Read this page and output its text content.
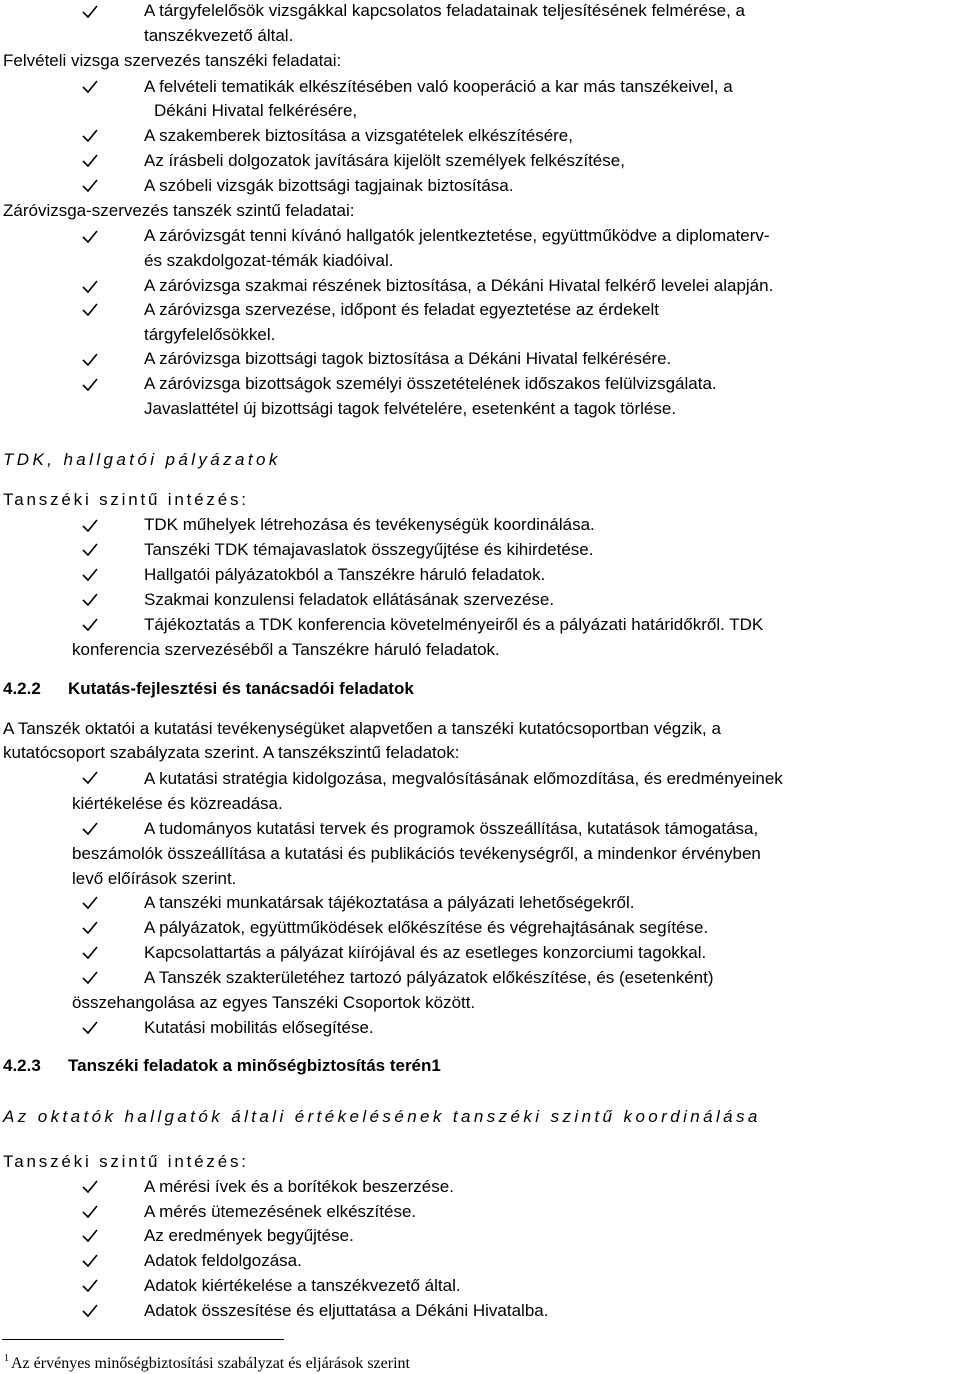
A tárgyfelelősök vizsgákkal kapcsolatos feladatainak teljesítésének felmérése, a
tanszékvezető által.
Felvételi vizsga szervezés tanszéki feladatai:
A felvételi tematikák elkészítésében való kooperáció a kar más tanszékeivel, a
Dékáni Hivatal felkérésére,
A szakemberek biztosítása a vizsgatételek elkészítésére,
Az írásbeli dolgozatok javítására kijelölt személyek felkészítése,
A szóbeli vizsgák bizottsági tagjainak biztosítása.
Záróvizsga-szervezés tanszék szintű feladatai:
A záróvizsgát tenni kívánó hallgatók jelentkeztetése, együttműködve a diplomaterv-
és szakdolgozat-témák kiadóival.
A záróvizsga szakmai részének biztosítása, a Dékáni Hivatal felkérő levelei alapján.
A záróvizsga szervezése, időpont és feladat egyeztetése az érdekelt
tárgyfelelősökkel.
A záróvizsga bizottsági tagok biztosítása a Dékáni Hivatal felkérésére.
A záróvizsga bizottságok személyi összetételének időszakos felülvizsgálata.
Javaslattétel új bizottsági tagok felvételére, esetenként a tagok törlése.
TDK, hallgatói pályázatok
Tanszéki szintű intézés:
TDK műhelyek létrehozása és tevékenységük koordinálása.
Tanszéki TDK témajavaslatok összegyűjtése és kihirdetése.
Hallgatói pályázatokból a Tanszékre háruló feladatok.
Szakmai konzulensi feladatok ellátásának szervezése.
Tájékoztatás a TDK konferencia követelményeiről és a pályázati határidőkről. TDK
konferencia szervezéséből a Tanszékre háruló feladatok.
4.2.2 Kutatás-fejlesztési és tanácsadói feladatok
A Tanszék oktatói a kutatási tevékenységüket alapvetően a tanszéki kutatócsoportban végzik, a
kutatócsoport szabályzata szerint. A tanszékszintű feladatok:
A kutatási stratégia kidolgozása, megvalósításának előmozdítása, és eredményeinek
kiértékelése és közreadása.
A tudományos kutatási tervek és programok összeállítása, kutatások támogatása,
beszámolók összeállítása a kutatási és publikációs tevékenységről, a mindenkor érvényben
levő előírások szerint.
A tanszéki munkatársak tájékoztatása a pályázati lehetőségekről.
A pályázatok, együttműködések előkészítése és végrehajtásának segítése.
Kapcsolattartás a pályázat kiírójával és az esetleges konzorciumi tagokkal.
A Tanszék szakterületéhez tartozó pályázatok előkészítése, és (esetenként)
összehangolása az egyes Tanszéki Csoportok között.
Kutatási mobilitás elősegítése.
4.2.3 Tanszéki feladatok a minőségbiztosítás terén1
Az oktatók hallgatók általi értékelésének tanszéki szintű koordinálása
Tanszéki szintű intézés:
A mérési ívek és a borítékok beszerzése.
A mérés ütemezésének elkészítése.
Az eredmények begyűjtése.
Adatok feldolgozása.
Adatok kiértékelése a tanszékvezető által.
Adatok összesítése és eljuttatása a Dékáni Hivatalba.
$^1$ Az érvényes minőségbiztosítási szabályzat és eljárások szerint
